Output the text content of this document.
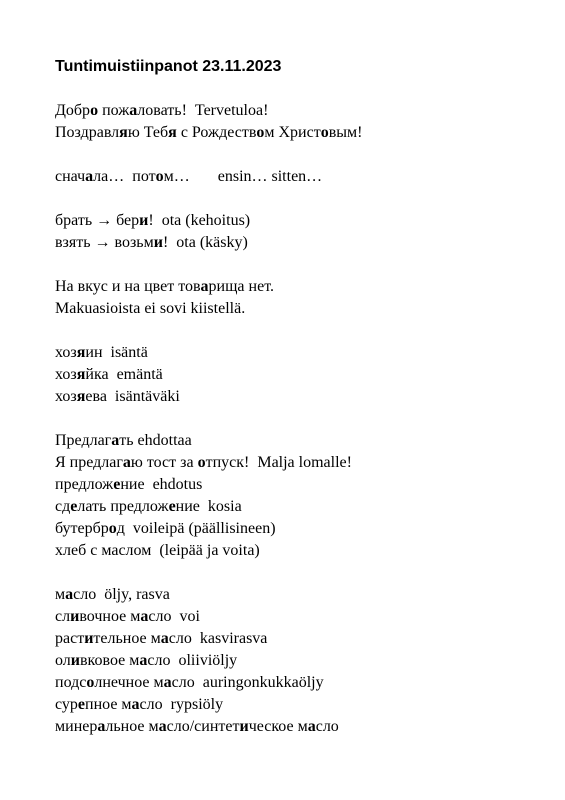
Tuntimuistiinpanot 23.11.2023
Добро пожаловать!  Tervetuloa!
Поздравляю Тебя с Рождеством Христовым!
сначала…  потом…       ensin… sitten…
брать → бери!  ota (kehoitus)
взять → возьми!  ota (käsky)
На вкус и на цвет товарища нет.
Makuasioista ei sovi kiistellä.
хозяин  isäntä
хозяйка  emäntä
хозяева  isäntäväki
Предлагать ehdottaa
Я предлагаю тост за отпуск!  Malja lomalle!
предложение  ehdotus
сделать предложение  kosia
бутерброд  voileipä (päällisineen)
хлеб с маслом  (leipää ja voita)
масло  öljy, rasva
сливочное масло  voi
растительное масло  kasvirasva
оливковое масло  oliiviöljy
подсолнечное масло  auringonkukkaöljy
сурепное масло  rypsiöly
минеральное масло/синтетическое масло
